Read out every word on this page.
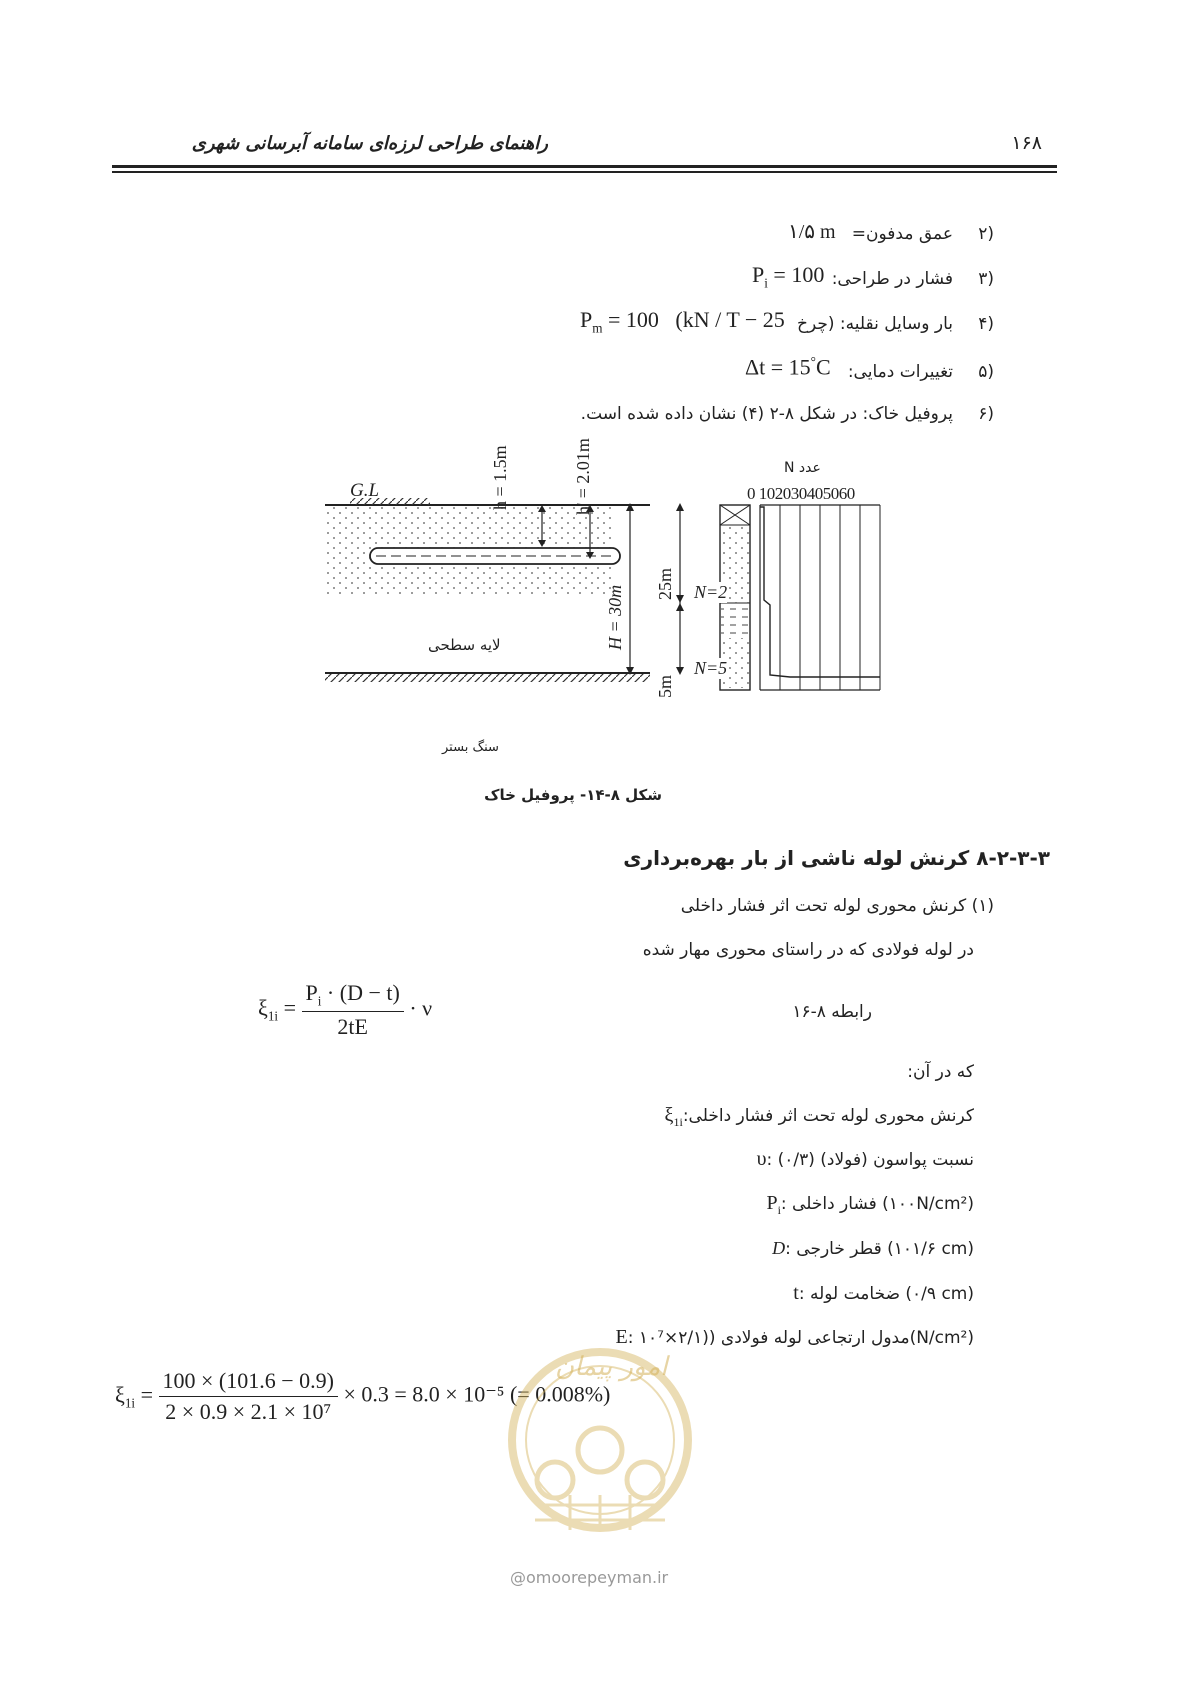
راهنمای طراحی لرزه‌ای سامانه آبرسانی شهری	۱۶۸
۲)
عمق مدفون=
۱/۵ m
۳)
فشار در طراحی:
$P_i = 100$
۴)
بار وسایل نقلیه: (چرخ
$P_m = 100$   (kN / T − 25
۵)
تغییرات دمایی:
Δt = 15°C
۶)
پروفیل خاک: در شکل ۸-۲ (۴) نشان داده شده است.
G.L	h = 1.5m	h' = 2.01m
H = 30m
25m
5m
N=2
N=5
عدد N
0 102030405060
لایه سطحی
سنگ بستر
شکل ۸-۱۴- پروفیل خاک
۸-۲-۳-۳ کرنش لوله ناشی از بار بهره‌برداری
(۱) کرنش محوری لوله تحت اثر فشار داخلی
در لوله فولادی که در راستای محوری مهار شده
رابطه ۸-۱۶
$\xi_{1i} = \frac{P_i \cdot (D - t)}{2tE} \cdot \nu$
که در آن:
$\xi_{1i}:کرنش$ محوری لوله تحت اثر فشار داخلی
υ: نسبت پواسون (فولاد) (۰/۳)
$P_i$: فشار داخلی (۱۰۰N/cm²)
D: قطر خارجی (۱۰۱/۶ cm)
t: ضخامت لوله (۰/۹ cm)
E: مدول ارتجاعی لوله فولادی ((۲/۱×۱۰⁷(N/cm²)
$\xi_{1i} = \frac{100 \times (101.6 - 0.9)}{\text{2 × 0.9 × 2.1 × 10⁷}} \times 0.3 = 8.0 \times 10^{-5}$ (= 0.008%)
امور پیمان
@omoorepeyman.ir
